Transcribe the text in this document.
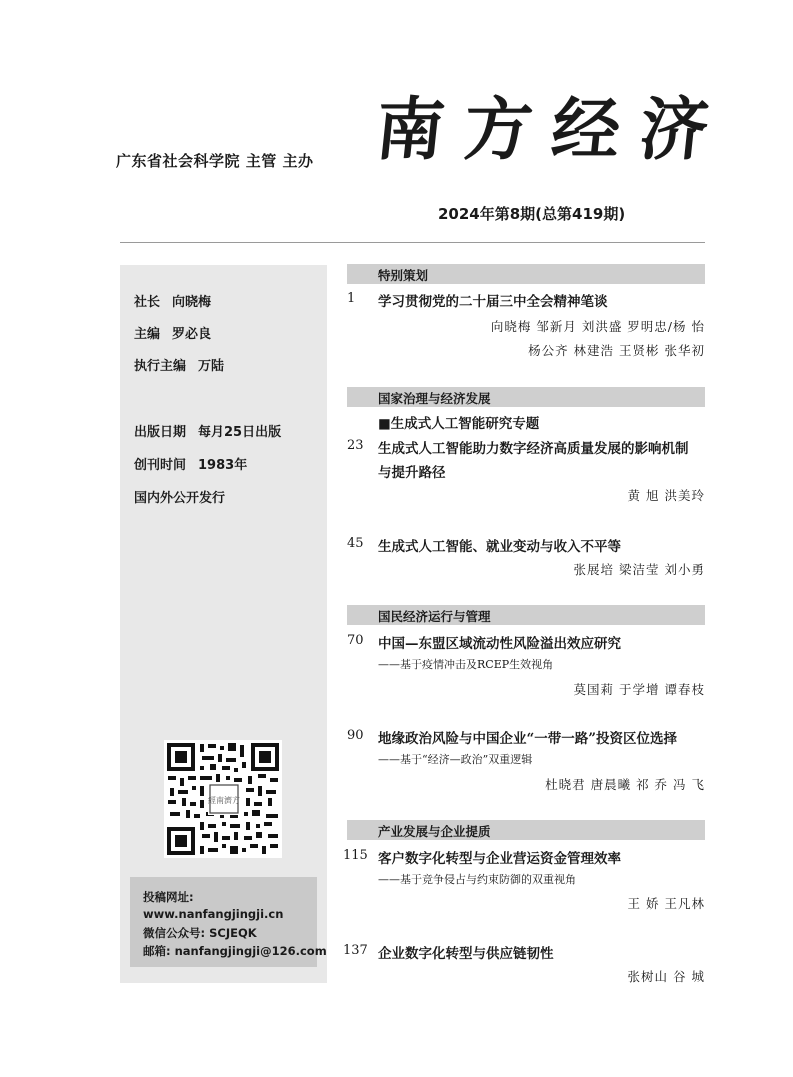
广东省社会科学院 主管 主办 南方经济
2024年第8期(总第419期)
社长 向晓梅
主编 罗必良
执行主编 万陆
出版日期 每月25日出版
创刊时间 1983年
国内外公开发行
經南濟方
投稿网址:
www.nanfangjingji.cn
微信公众号: SCJEQK
邮箱: nanfangjingji@126.com
特别策划
1 学习贯彻党的二十届三中全会精神笔谈
向晓梅 邹新月 刘洪盛 罗明忠/杨 怡
杨公齐 林建浩 王贤彬 张华初
国家治理与经济发展
■生成式人工智能研究专题
23 生成式人工智能助力数字经济高质量发展的影响机制
与提升路径
黄 旭 洪美玲
45 生成式人工智能、就业变动与收入不平等
张展培 梁洁莹 刘小勇
国民经济运行与管理
70 中国—东盟区域流动性风险溢出效应研究
——基于疫情冲击及RCEP生效视角
莫国莉 于学增 谭春枝
90 地缘政治风险与中国企业“一带一路”投资区位选择
——基于“经济—政治”双重逻辑
杜晓君 唐晨曦 祁 乔 冯 飞
产业发展与企业提质
115 客户数字化转型与企业营运资金管理效率
——基于竞争侵占与约束防御的双重视角
王 娇 王凡林
137 企业数字化转型与供应链韧性
张树山 谷 城
